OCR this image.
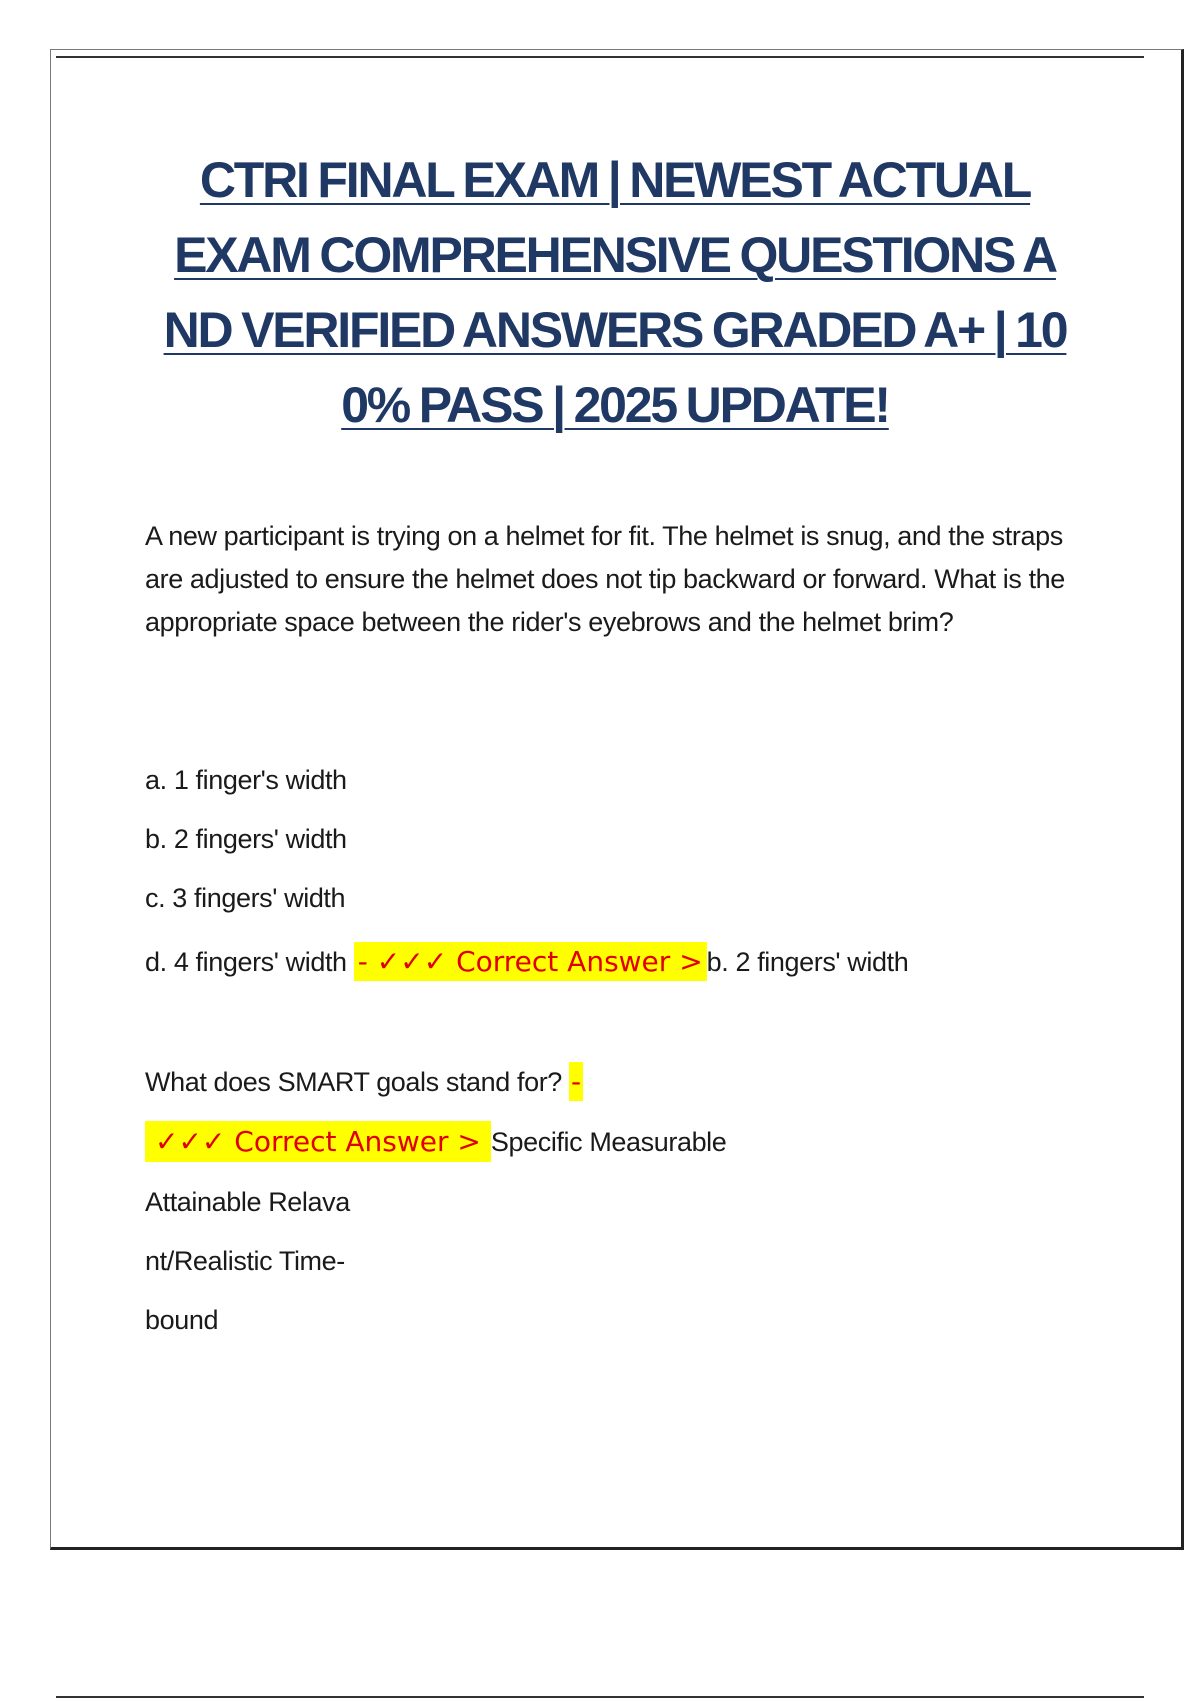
CTRI FINAL EXAM | NEWEST ACTUAL
EXAM COMPREHENSIVE QUESTIONS A
ND VERIFIED ANSWERS GRADED A+ | 10
0% PASS | 2025 UPDATE!
A new participant is trying on a helmet for fit. The helmet is snug, and the straps are adjusted to ensure the helmet does not tip backward or forward. What is the appropriate space between the rider's eyebrows and the helmet brim?
a. 1 finger's width
b. 2 fingers' width
c. 3 fingers' width
d. 4 fingers' width - ✓✓✓ Correct Answer > b. 2 fingers' width
What does SMART goals stand for? -
✓✓✓ Correct Answer > Specific Measurable
Attainable Relava
nt/Realistic Time-
bound
